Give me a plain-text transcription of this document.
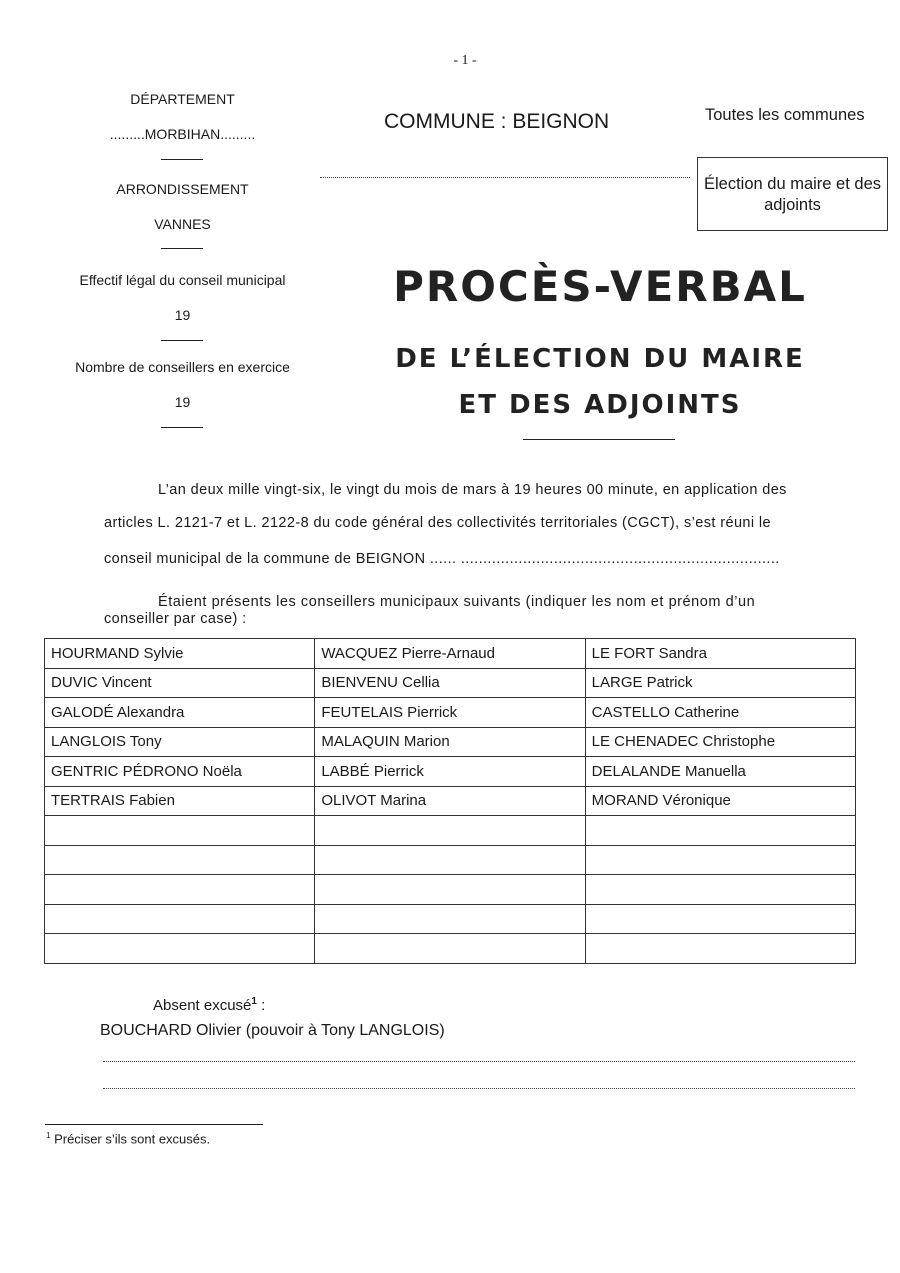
- 1 -
DÉPARTEMENT
.........MORBIHAN.........
ARRONDISSEMENT
VANNES
Effectif légal du conseil municipal
19
Nombre de conseillers en exercice
19
COMMUNE : BEIGNON	Toutes les communes
Élection du maire et des adjoints
PROCÈS-VERBAL
DE L’ÉLECTION DU MAIRE
ET DES ADJOINTS
L’an deux mille vingt-six, le vingt du mois de mars à 19 heures 00 minute, en application des
articles L. 2121-7 et L. 2122-8 du code général des collectivités territoriales (CGCT), s’est réuni le
conseil municipal de la commune de BEIGNON ...... ........................................................................
Étaient présents les conseillers municipaux suivants (indiquer les nom et prénom d’un
conseiller par case) :
HOURMAND Sylvie	WACQUEZ Pierre-Arnaud	LE FORT Sandra
DUVIC Vincent	BIENVENU Cellia	LARGE Patrick
GALODÉ Alexandra	FEUTELAIS Pierrick	CASTELLO Catherine
LANGLOIS Tony	MALAQUIN Marion	LE CHENADEC Christophe
GENTRIC PÉDRONO Noëla	LABBÉ Pierrick	DELALANDE Manuella
TERTRAIS Fabien	OLIVOT Marina	MORAND Véronique

Absent excusé$^1$ :
BOUCHARD Olivier (pouvoir à Tony LANGLOIS)
$^1$ Préciser s’ils sont excusés.
